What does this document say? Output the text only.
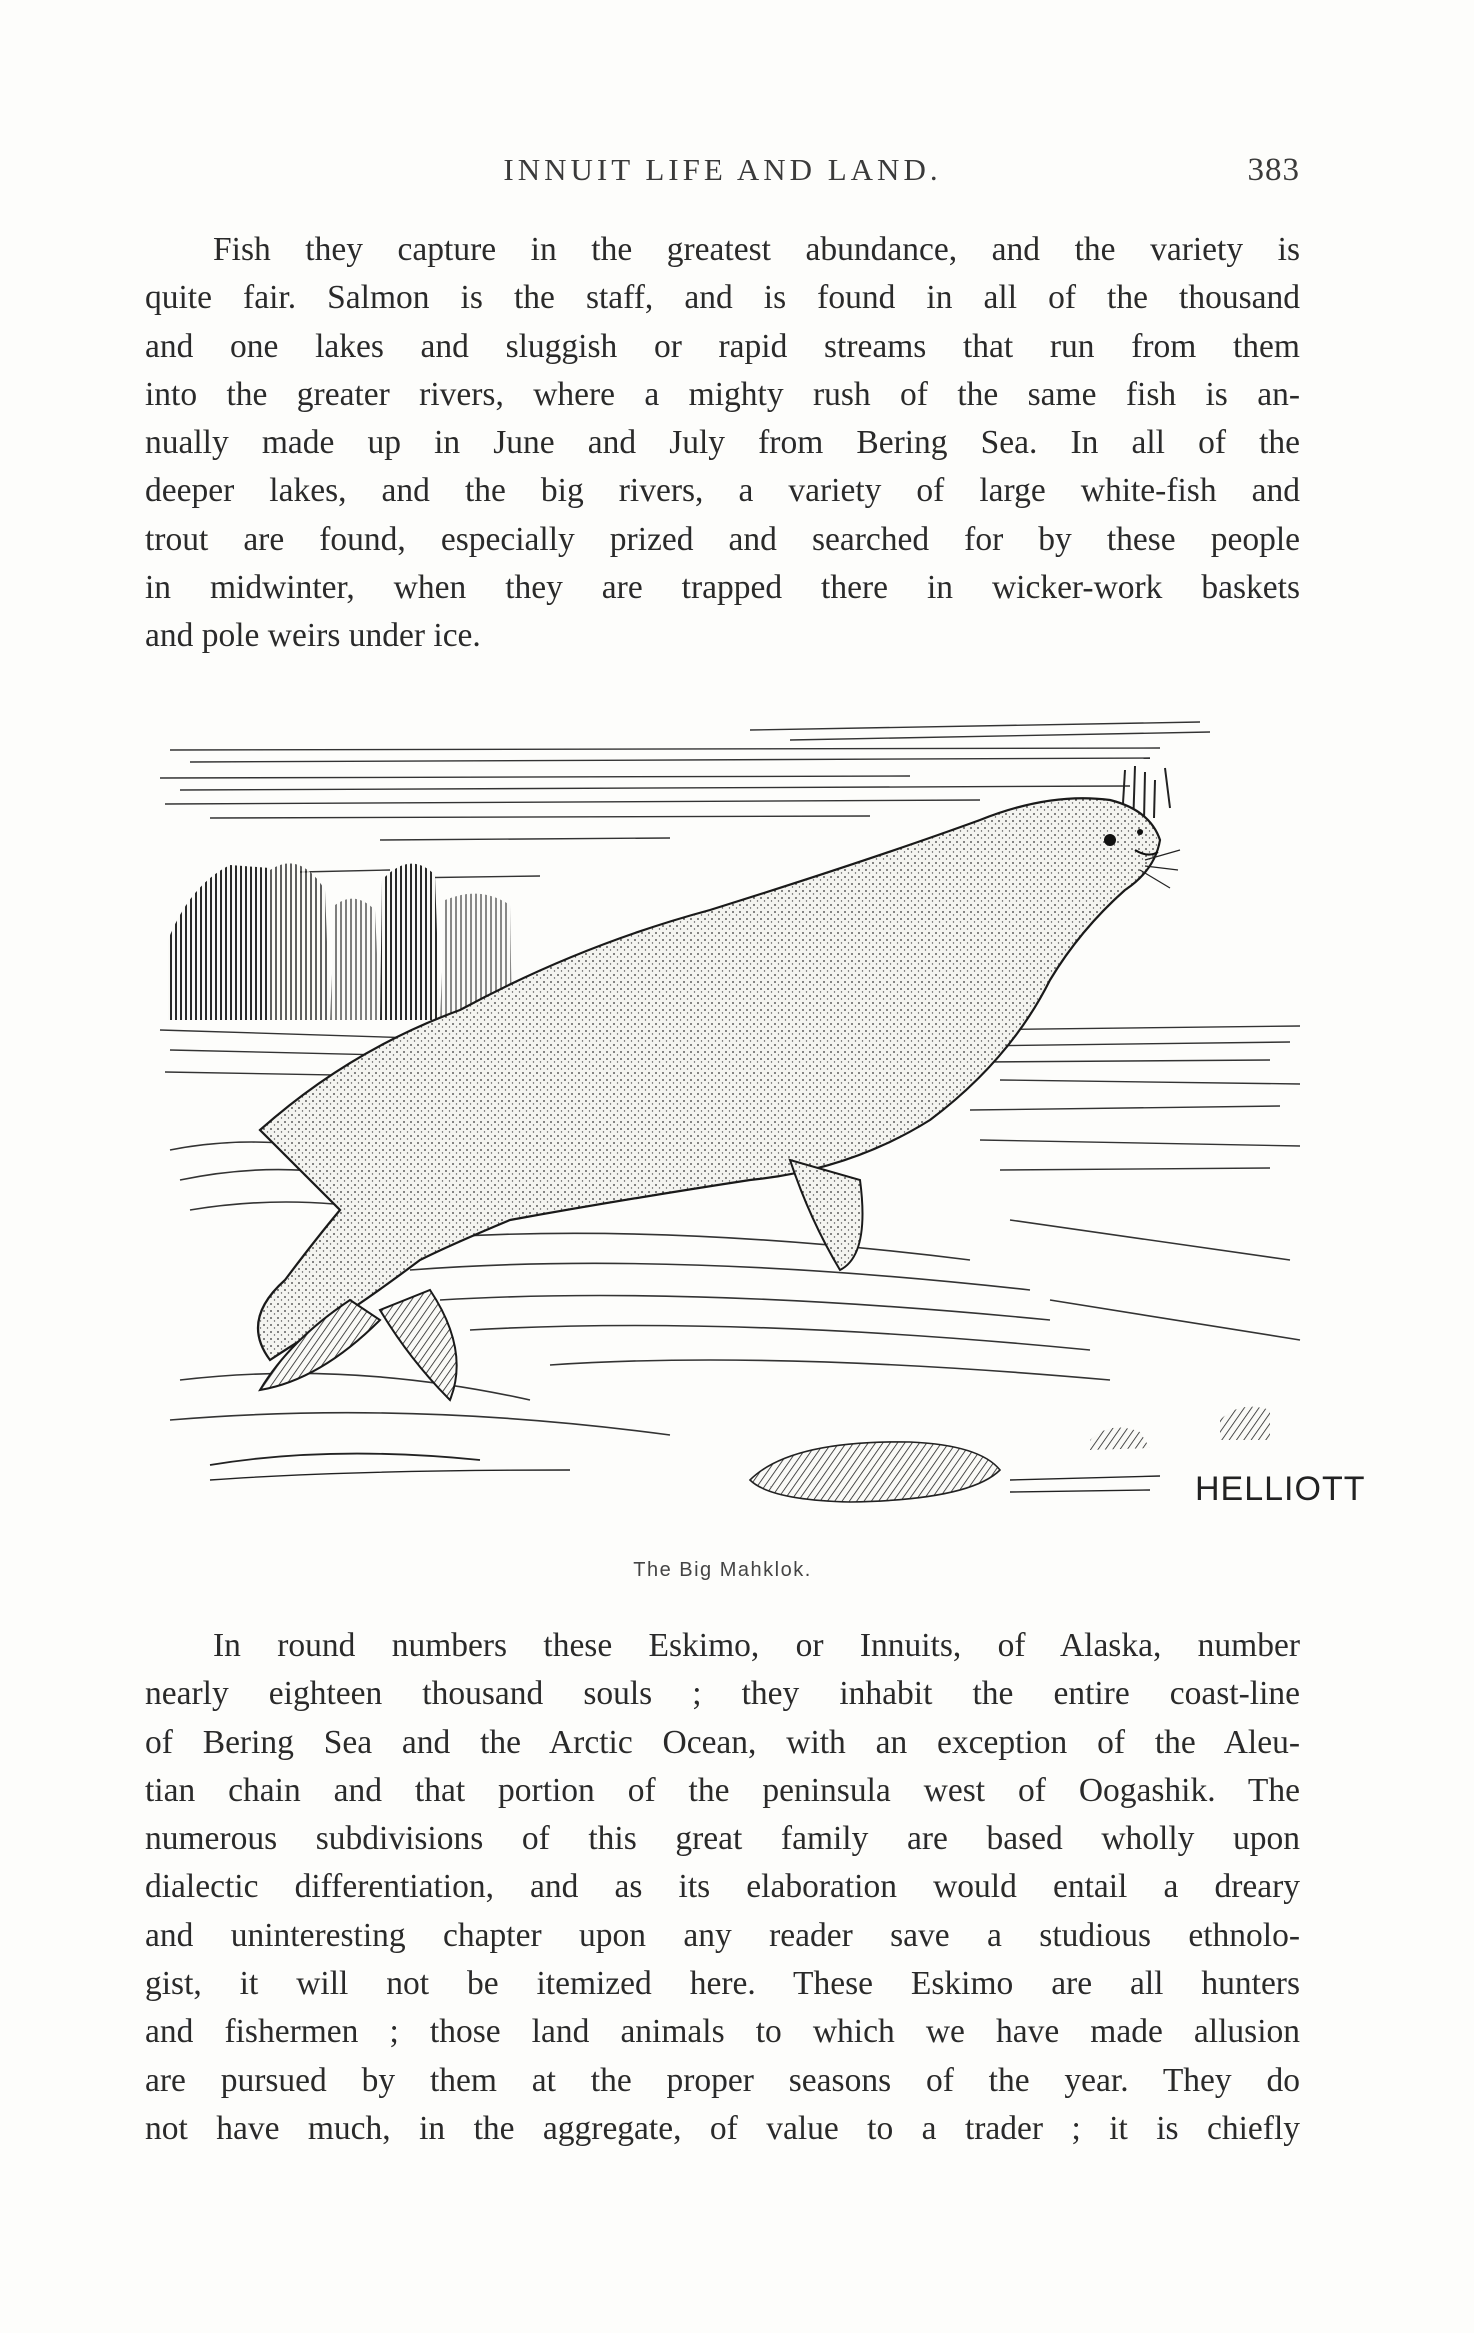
INNUIT LIFE AND LAND.	383

Fish they capture in the greatest abundance, and the variety is
quite fair. Salmon is the staff, and is found in all of the thousand
and one lakes and sluggish or rapid streams that run from them
into the greater rivers, where a mighty rush of the same fish is an-
nually made up in June and July from Bering Sea. In all of the
deeper lakes, and the big rivers, a variety of large white-fish and
trout are found, especially prized and searched for by these people
in midwinter, when they are trapped there in wicker-work baskets
and pole weirs under ice.

HELLIOTT
The Big Mahklok.

In round numbers these Eskimo, or Innuits, of Alaska, number
nearly eighteen thousand souls ; they inhabit the entire coast-line
of Bering Sea and the Arctic Ocean, with an exception of the Aleu-
tian chain and that portion of the peninsula west of Oogashik. The
numerous subdivisions of this great family are based wholly upon
dialectic differentiation, and as its elaboration would entail a dreary
and uninteresting chapter upon any reader save a studious ethnolo-
gist, it will not be itemized here. These Eskimo are all hunters
and fishermen ; those land animals to which we have made allusion
are pursued by them at the proper seasons of the year. They do
not have much, in the aggregate, of value to a trader ; it is chiefly
